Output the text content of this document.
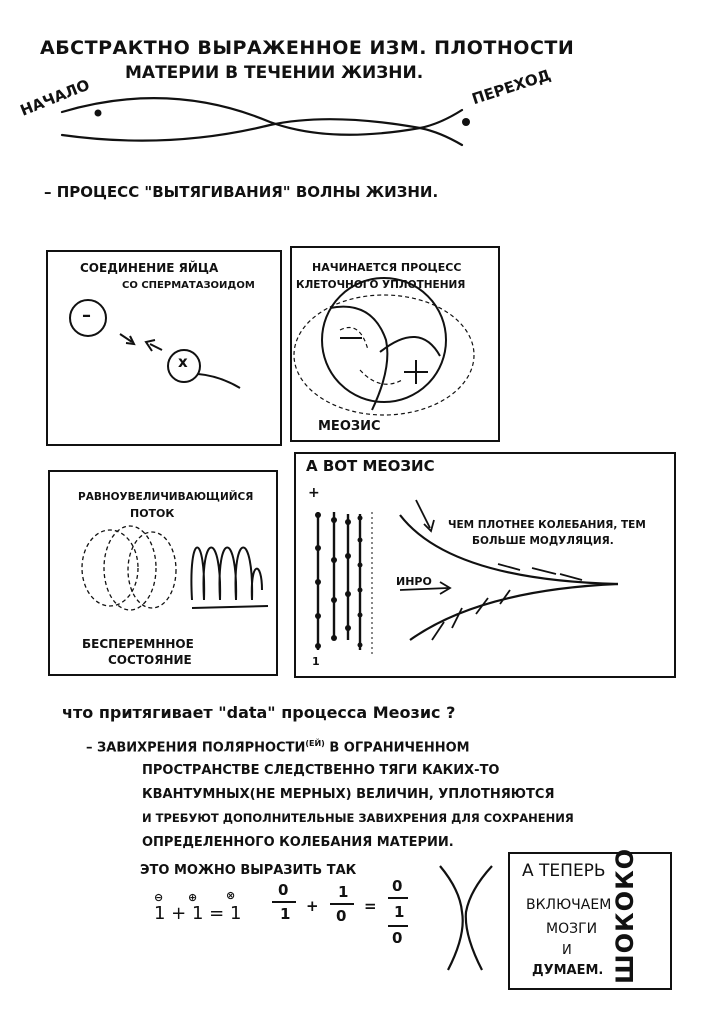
АБСТРАКТНО ВЫРАЖЕННОЕ ИЗМ. ПЛОТНОСТИ
МАТЕРИИ В ТЕЧЕНИИ ЖИЗНИ.
НАЧАЛО	ПЕРЕХОД
– ПРОЦЕСС "ВЫТЯГИВАНИЯ" ВОЛНЫ ЖИЗНИ.
СОЕДИНЕНИЕ ЯЙЦА
СО СПЕРМАТАЗОИДОМ
–
x
НАЧИНАЕТСЯ ПРОЦЕСС
КЛЕТОЧНОГО УПЛОТНЕНИЯ
МЕОЗИС
РАВНОУВЕЛИЧИВАЮЩИЙСЯ
ПОТОК
БЕСПЕРЕМННОЕ
СОСТОЯНИЕ
А ВОТ МЕОЗИС
+
1
ЧЕМ ПЛОТНЕЕ КОЛЕБАНИЯ, ТЕМ
БОЛЬШЕ МОДУЛЯЦИЯ.
ИНРО
что притягивает "data" процесса Меозис ?
– ЗАВИХРЕНИЯ $ПОЛЯРНОСТИ^{(ЕЙ)}$ В ОГРАНИЧЕННОМ
ПРОСТРАНСТВЕ СЛЕДСТВЕННО ТЯГИ КАКИХ-ТО
КВАНТУМНЫХ(НЕ МЕРНЫХ) ВЕЛИЧИН, УПЛОТНЯЮТСЯ
И ТРЕБУЮТ ДОПОЛНИТЕЛЬНЫЕ ЗАВИХРЕНИЯ ДЛЯ СОХРАНЕНИЯ
ОПРЕДЕЛЕННОГО КОЛЕБАНИЯ МАТЕРИИ.
ЭТО МОЖНО ВЫРАЗИТЬ ТАК
⊖ ⊕	⊗
1 + 1 = 1
0
1 +
1
0
=
0
1
0
А ТЕПЕРЬ
ВКЛЮЧАЕМ
МОЗГИ
И
ДУМАЕМ. ШОКОКО
